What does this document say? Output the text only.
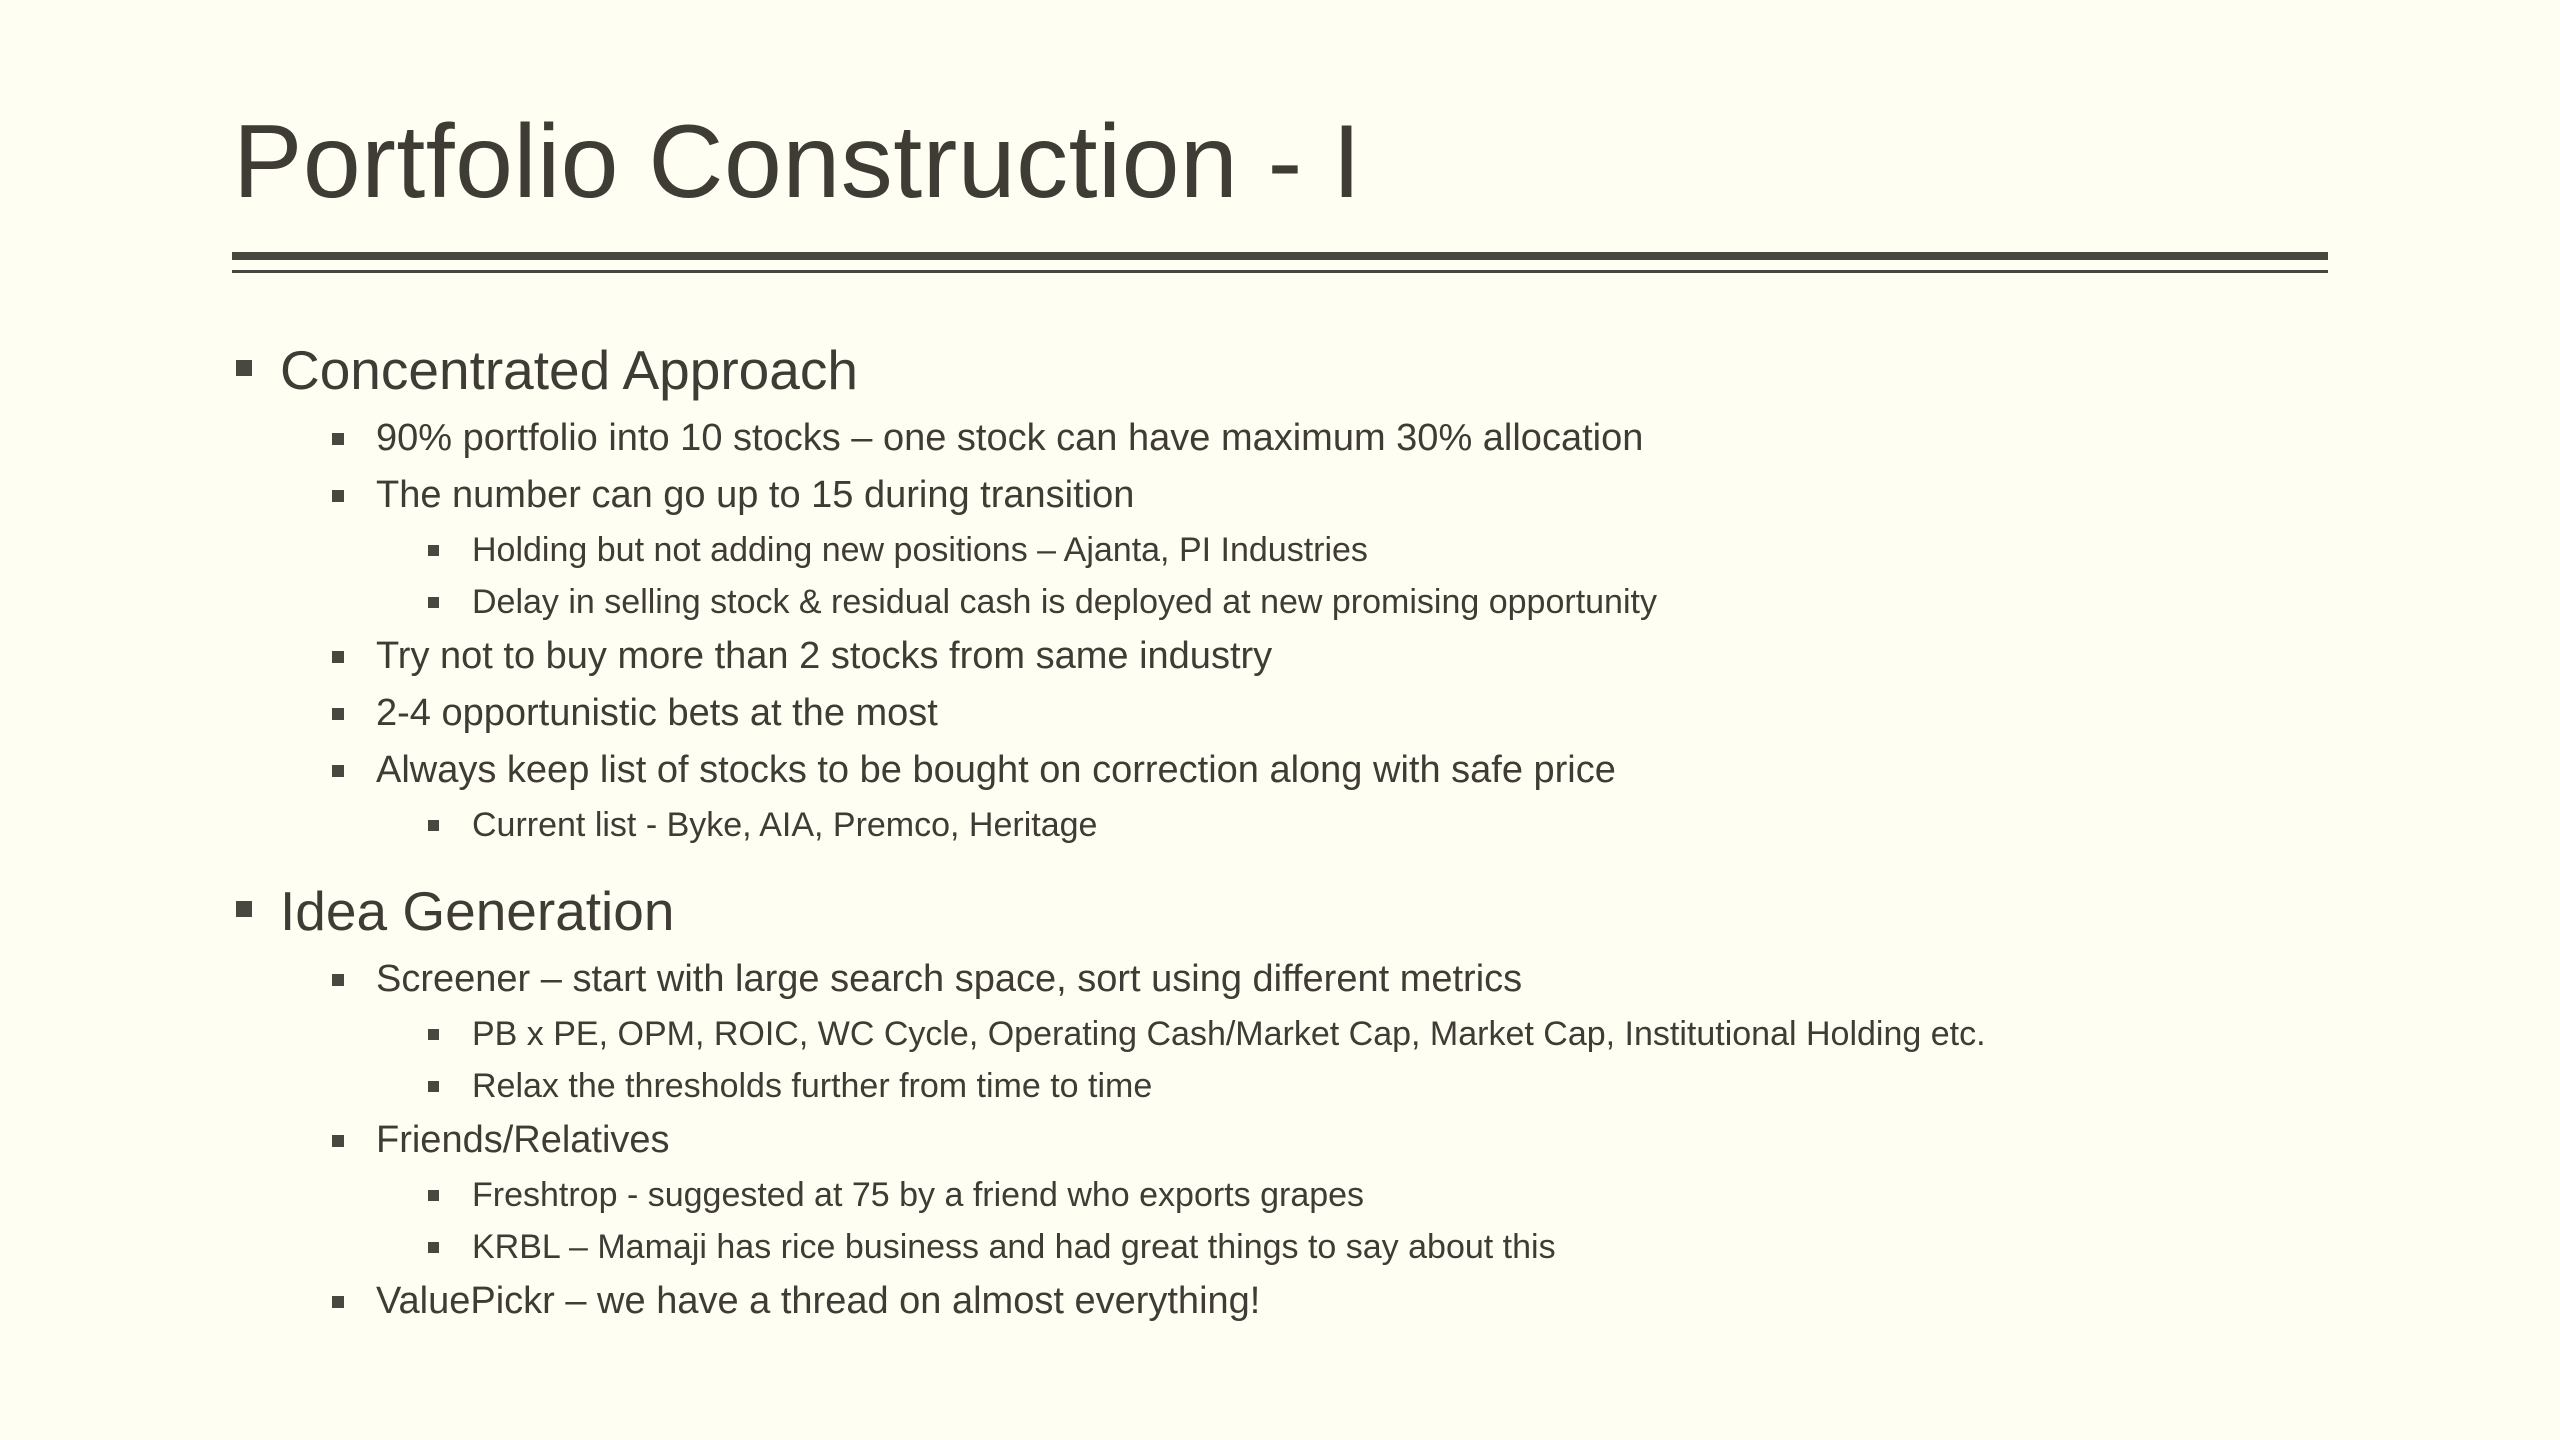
Portfolio Construction - I
Concentrated Approach
90% portfolio into 10 stocks – one stock can have maximum 30% allocation
The number can go up to 15 during transition
Holding but not adding new positions – Ajanta, PI Industries
Delay in selling stock & residual cash is deployed at new promising opportunity
Try not to buy more than 2 stocks from same industry
2-4 opportunistic bets at the most
Always keep list of stocks to be bought on correction along with safe price
Current list - Byke, AIA, Premco, Heritage
Idea Generation
Screener – start with large search space, sort using different metrics
PB x PE, OPM, ROIC, WC Cycle, Operating Cash/Market Cap, Market Cap, Institutional Holding etc.
Relax the thresholds further from time to time
Friends/Relatives
Freshtrop - suggested at 75 by a friend who exports grapes
KRBL – Mamaji has rice business and had great things to say about this
ValuePickr – we have a thread on almost everything!
